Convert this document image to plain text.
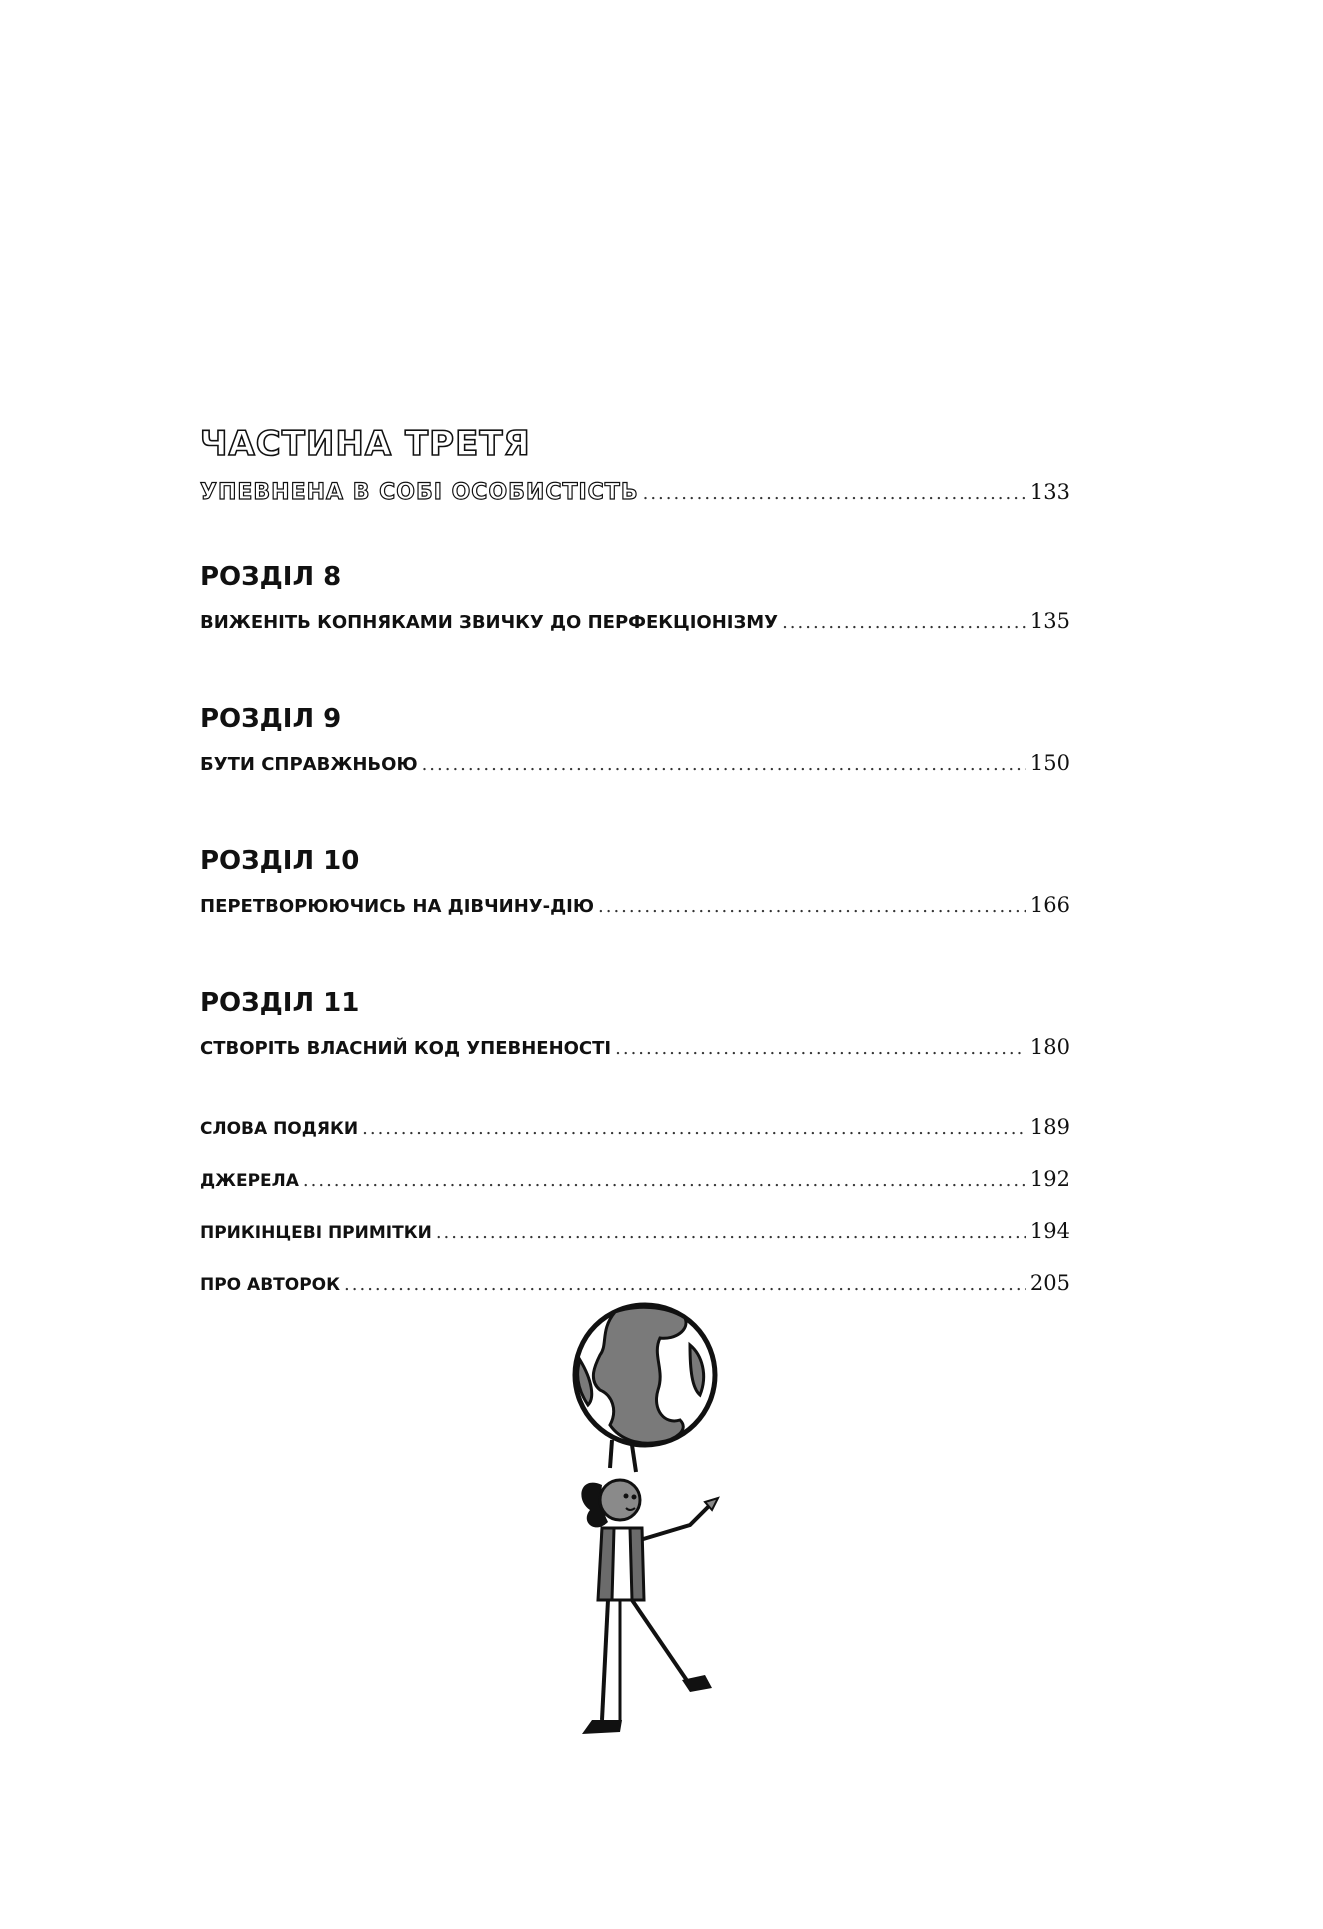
ЧАСТИНА ТРЕТЯ
УПЕВНЕНА В СОБІ ОСОБИСТІСТЬ .....	133
РОЗДІЛ 8
ВИЖЕНІТЬ КОПНЯКАМИ ЗВИЧКУ ДО ПЕРФЕКЦІОНІЗМУ .....	135
РОЗДІЛ 9
БУТИ СПРАВЖНЬОЮ .....	150
РОЗДІЛ 10
ПЕРЕТВОРЮЮЧИСЬ НА ДІВЧИНУ-ДІЮ .....	166
РОЗДІЛ 11
СТВОРІТЬ ВЛАСНИЙ КОД УПЕВНЕНОСТІ .....	180
СЛОВА ПОДЯКИ .....	189
ДЖЕРЕЛА .....	192
ПРИКІНЦЕВІ ПРИМІТКИ .....	194
ПРО АВТОРОК .....	205
